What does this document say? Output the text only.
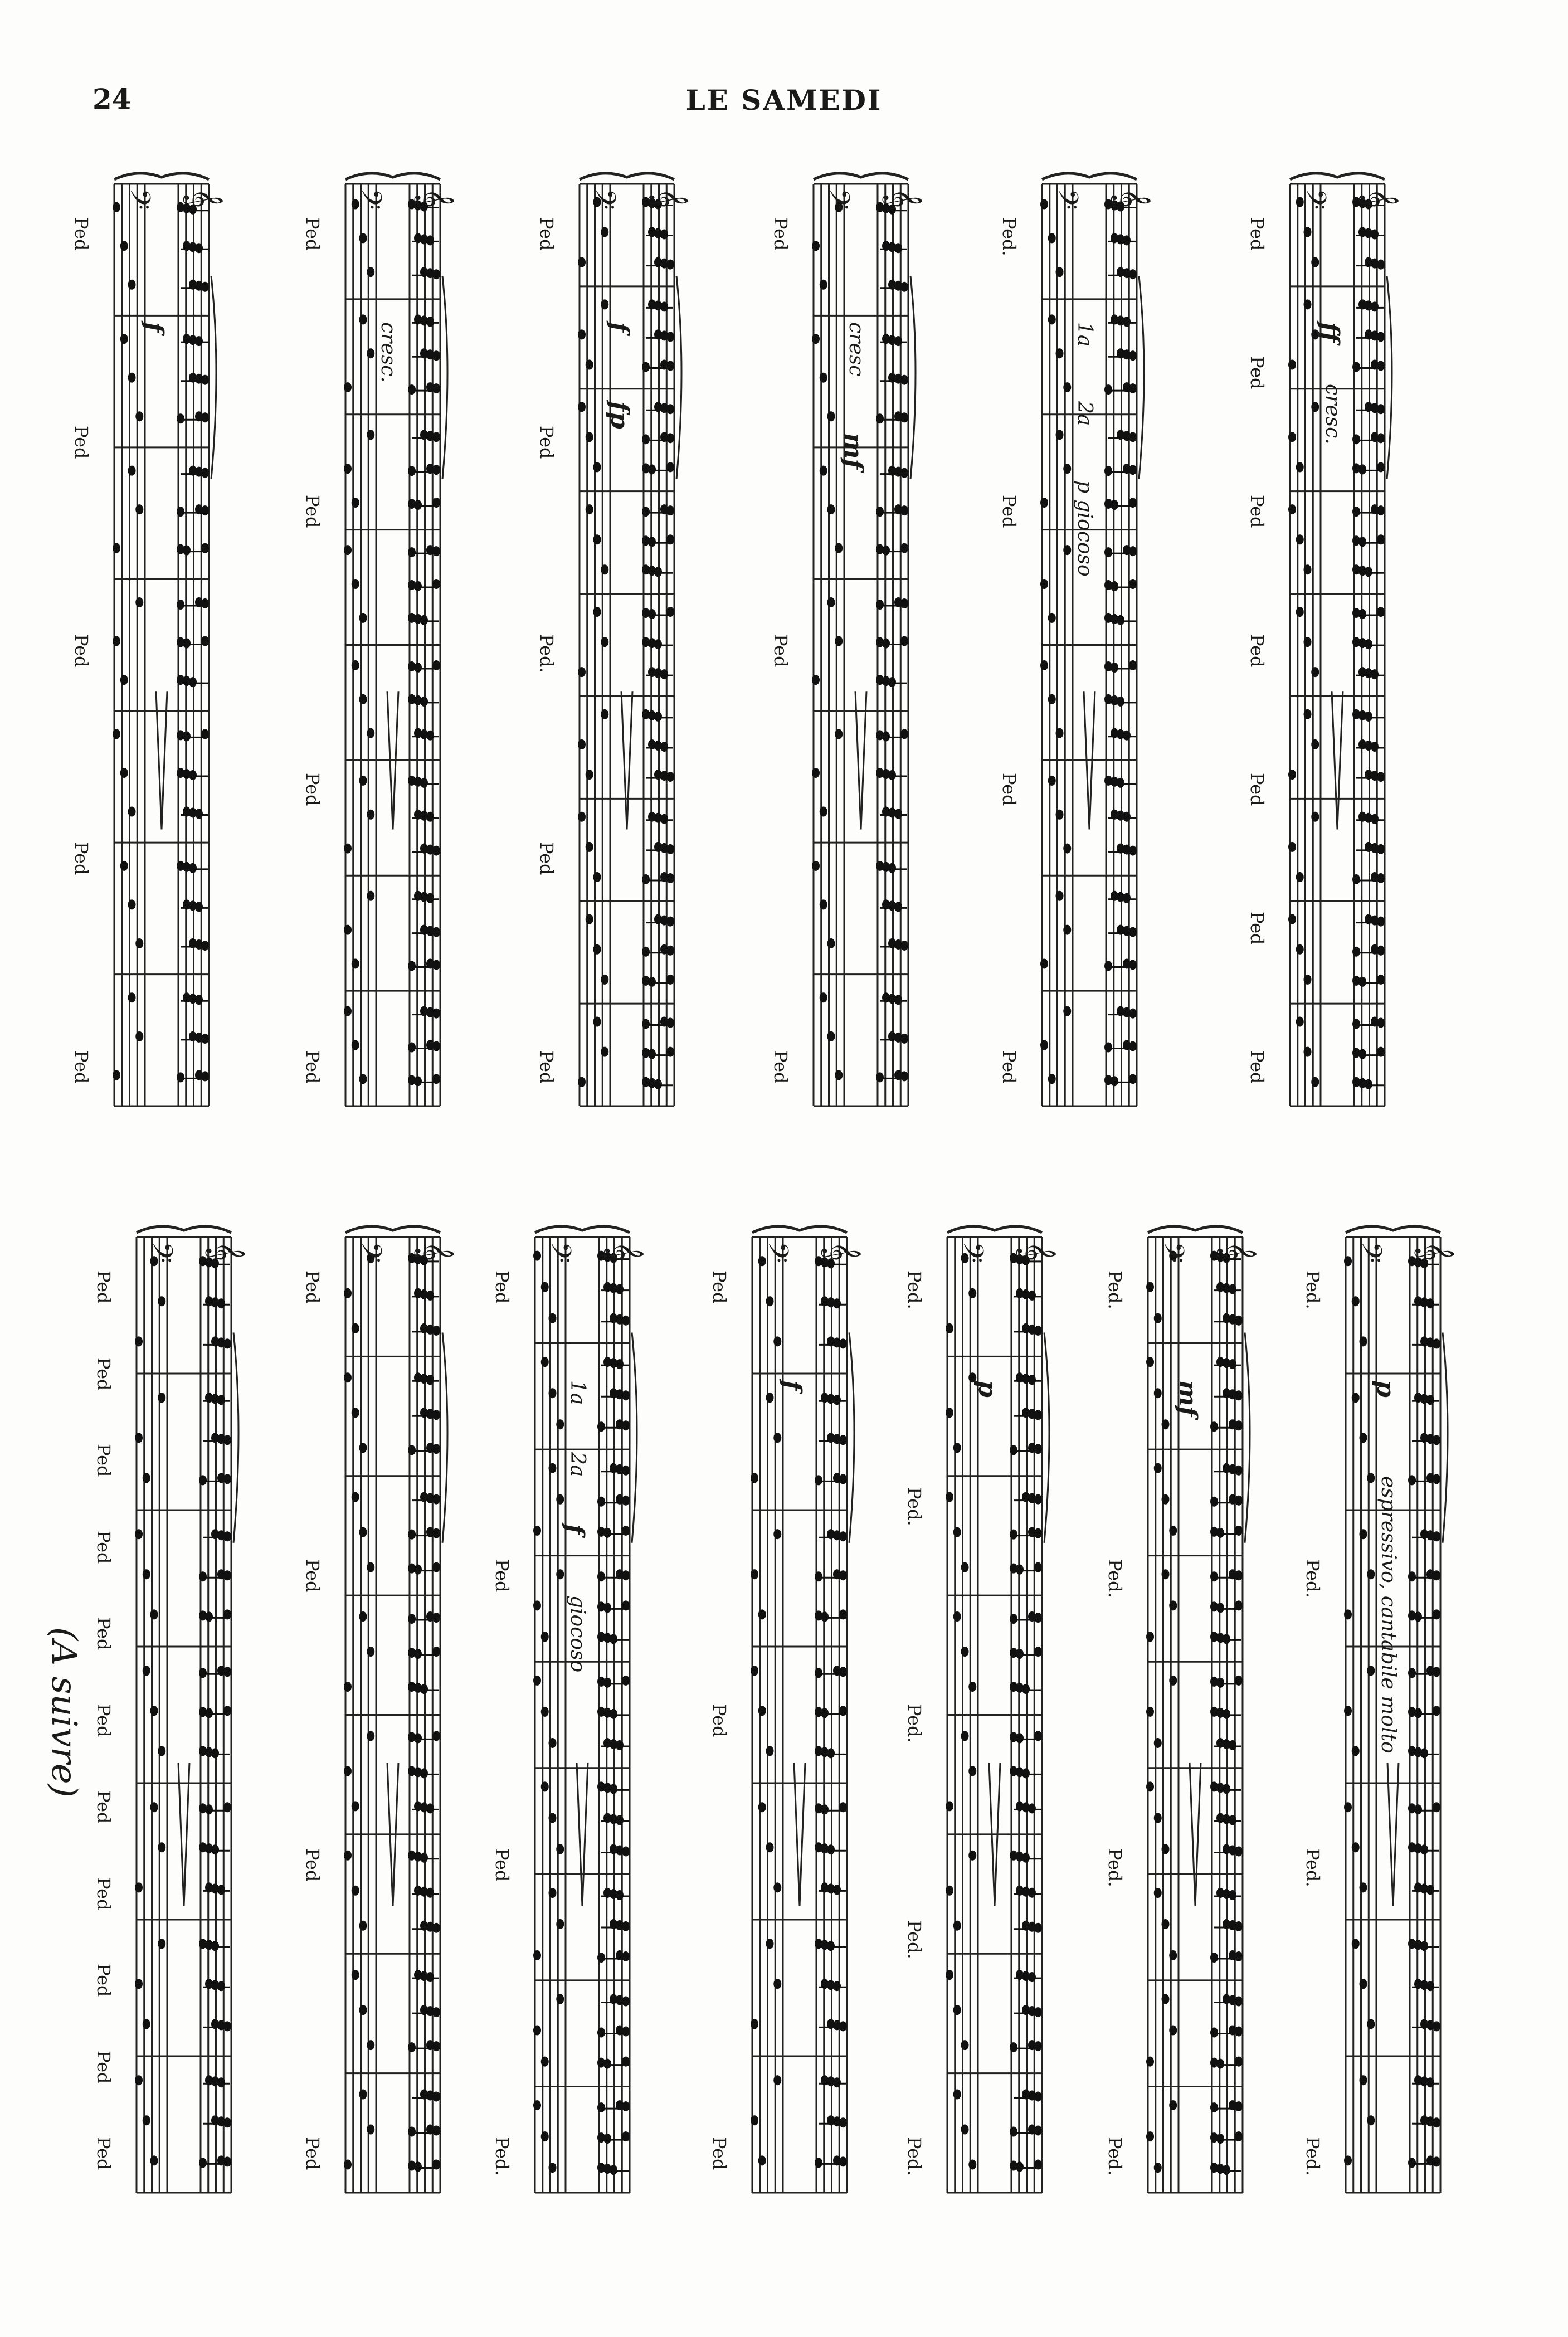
24	LE SAMEDI
𝄢 𝄞
f
Ped
Ped
Ped
Ped
Ped
𝄢 𝄞
cresc.
Ped
Ped
Ped
Ped
𝄢 𝄞
f
fp
Ped
Ped
Ped.
Ped
Ped
𝄢 𝄞
cresc
mf
Ped
Ped
Ped
𝄢 𝄞
1a
2a
p giocoso
Ped.
Ped
Ped
Ped
𝄢 𝄞
ff
cresc.
Ped
Ped
Ped
Ped
Ped
Ped
Ped
𝄢 𝄞
Ped
Ped
Ped
Ped
Ped
Ped
Ped
Ped
Ped
Ped
Ped
𝄢 𝄞
Ped
Ped
Ped
Ped
𝄢 𝄞
1a
2a
f
giocoso
Ped
Ped
Ped
Ped.
𝄢 𝄞
f
Ped
Ped
Ped
𝄢 𝄞
p
Ped.
Ped.
Ped.
Ped.
Ped.
𝄢 𝄞
mf
Ped.
Ped.
Ped.
Ped.
𝄢 𝄞
p
espressivo, cantabile molto
Ped.
Ped.
Ped.
Ped.
(A suivre)
